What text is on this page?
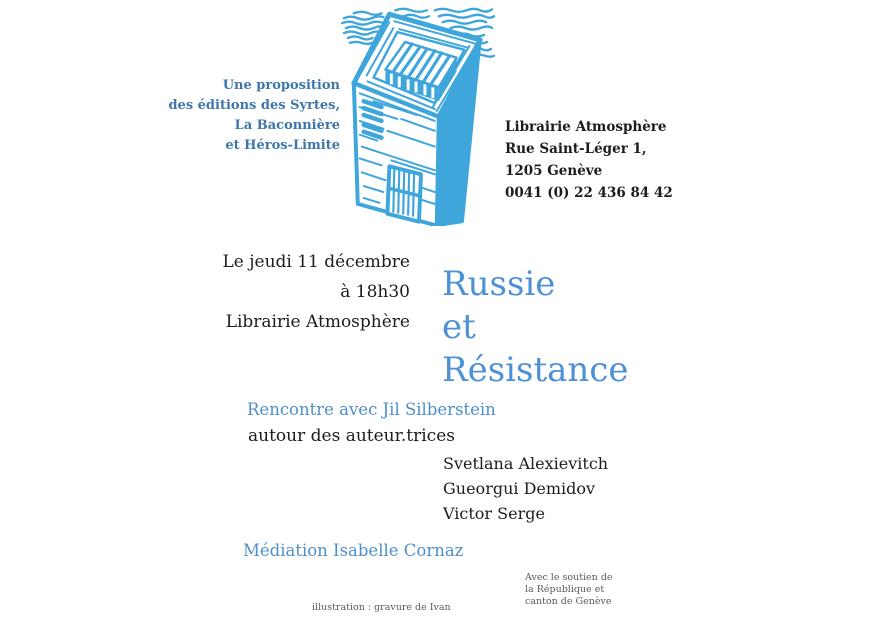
Une proposition
des éditions des Syrtes,
La Baconnière
et Héros-Limite
Librairie Atmosphère
Rue Saint-Léger 1,
1205 Genève
0041 (0) 22 436 84 42
Le jeudi 11 décembre
à 18h30
Librairie Atmosphère
Russie
et
Résistance
Rencontre avec Jil Silberstein
autour des auteur.trices
Svetlana Alexievitch
Gueorgui Demidov
Victor Serge
Médiation Isabelle Cornaz
Avec le soutien de
la République et
canton de Genève
illustration : gravure de Ivan
